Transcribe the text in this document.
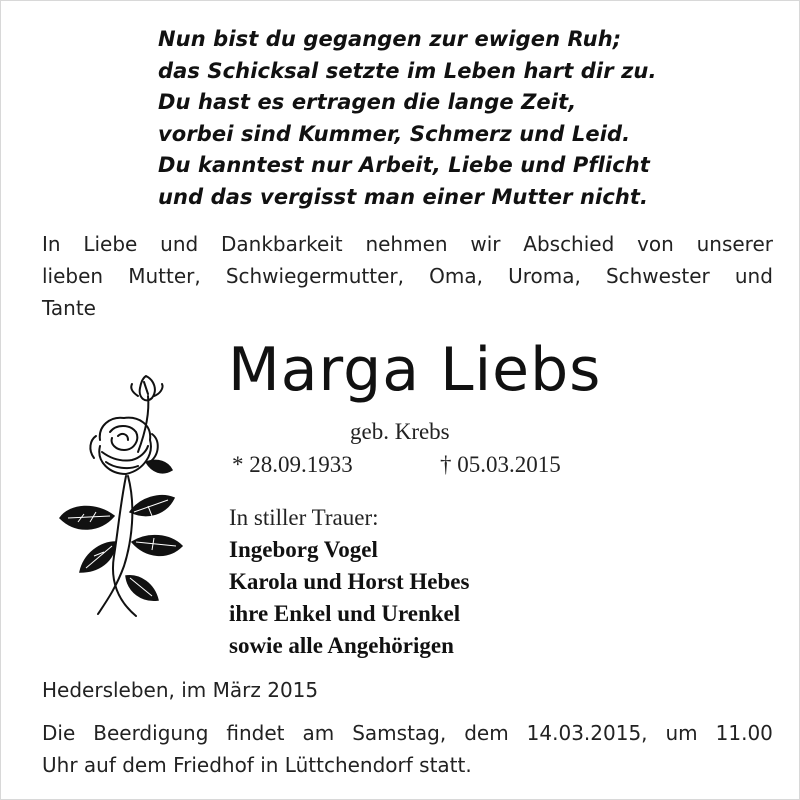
Nun bist du gegangen zur ewigen Ruh;
das Schicksal setzte im Leben hart dir zu.
Du hast es ertragen die lange Zeit,
vorbei sind Kummer, Schmerz und Leid.
Du kanntest nur Arbeit, Liebe und Pflicht
und das vergisst man einer Mutter nicht.
In Liebe und Dankbarkeit nehmen wir Abschied von unserer
lieben Mutter, Schwiegermutter, Oma, Uroma, Schwester und
Tante
Marga Liebs
geb. Krebs
* 28.09.1933	† 05.03.2015
In stiller Trauer:
Ingeborg Vogel
Karola und Horst Hebes
ihre Enkel und Urenkel
sowie alle Angehörigen
Hedersleben, im März 2015
Die Beerdigung findet am Samstag, dem 14.03.2015, um 11.00
Uhr auf dem Friedhof in Lüttchendorf statt.
